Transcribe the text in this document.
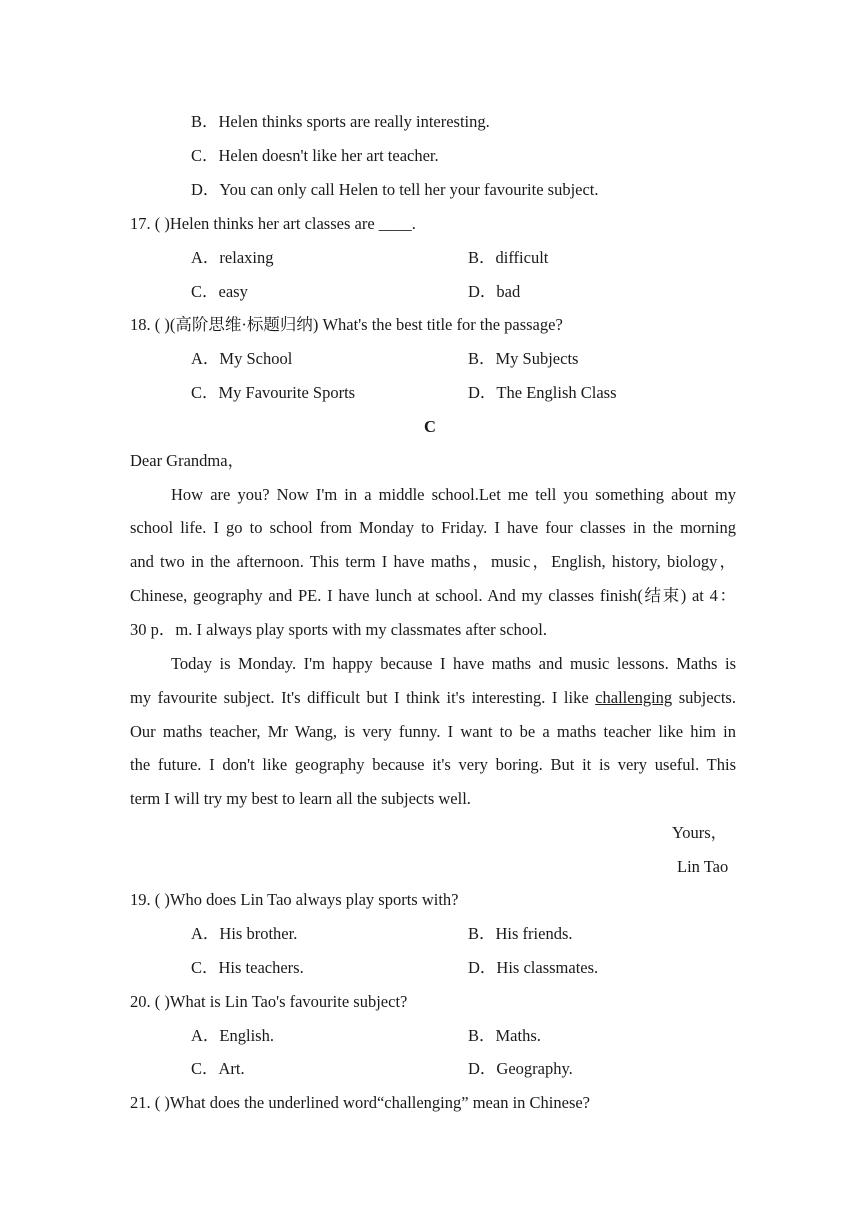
B．Helen thinks sports are really interesting.
C．Helen doesn't like her art teacher.
D．You can only call Helen to tell her your favourite subject.
17. ( )Helen thinks her art classes are ____.
A．relaxing	B．difficult
C．easy	D．bad
18. ( )(高阶思维·标题归纳) What's the best title for the passage?
A．My School	B．My Subjects
C．My Favourite Sports	D．The English Class
C
Dear Grandma，
How are you? Now I'm in a middle school.Let me tell you something about my
school life. I go to school from Monday to Friday. I have four classes in the morning
and two in the afternoon. This term I have maths，music，English, history, biology，
Chinese, geography and PE. I have lunch at school. And my classes finish(结束) at 4：
30 p．m. I always play sports with my classmates after school.
Today is Monday. I'm happy because I have maths and music lessons. Maths is
my favourite subject. It's difficult but I think it's interesting. I like challenging subjects.
Our maths teacher, Mr Wang, is very funny. I want to be a maths teacher like him in
the future. I don't like geography because it's very boring. But it is very useful. This
term I will try my best to learn all the subjects well.
Yours，
Lin Tao
19. ( )Who does Lin Tao always play sports with?
A．His brother.	B．His friends.
C．His teachers.	D．His classmates.
20. ( )What is Lin Tao's favourite subject?
A．English.	B．Maths.
C．Art.	D．Geography.
21. ( )What does the underlined word“challenging” mean in Chinese?
